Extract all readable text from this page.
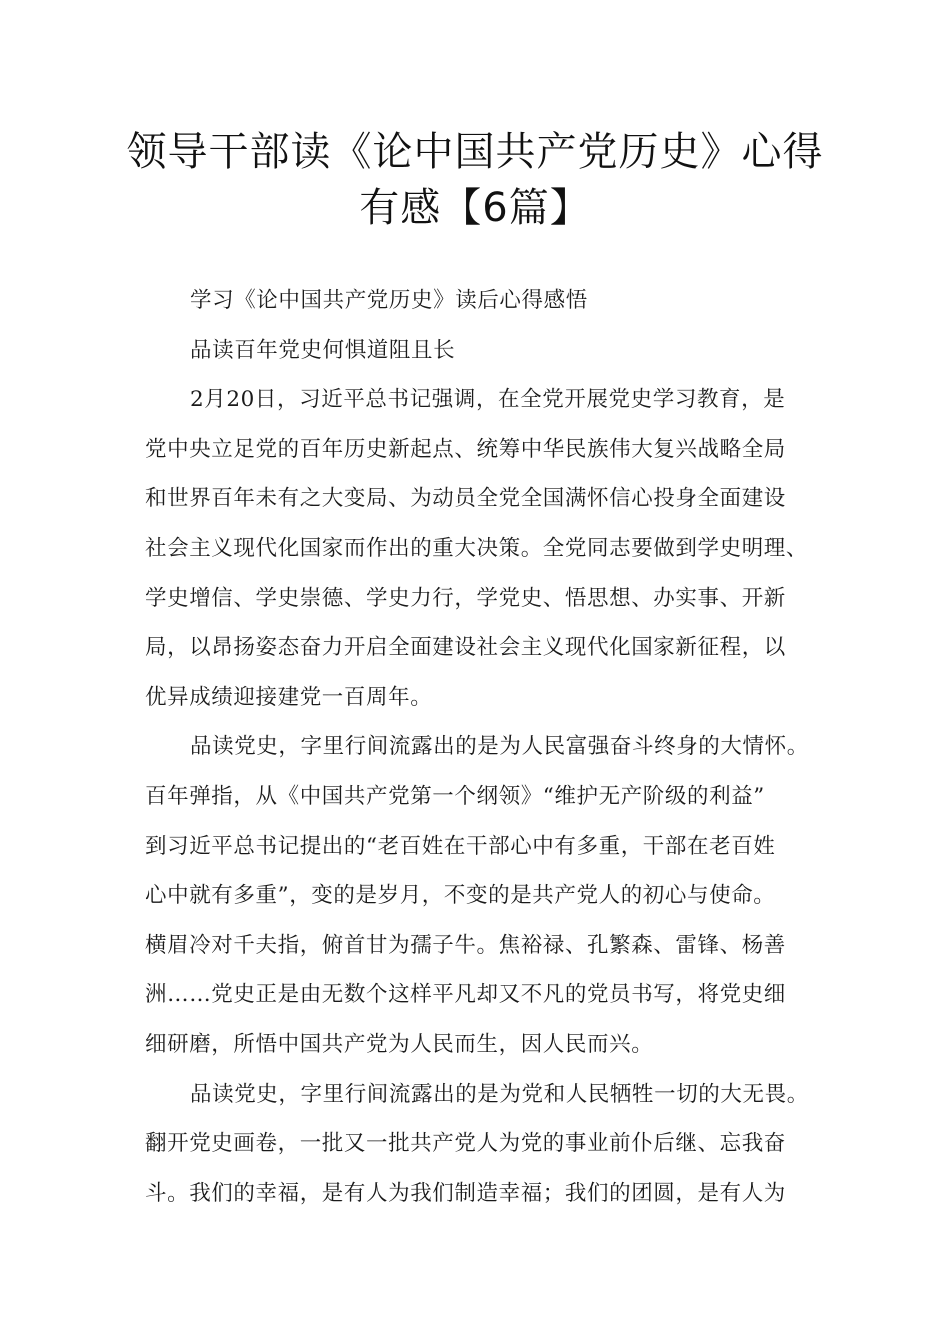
领导干部读《论中国共产党历史》心得
有感【6篇】
学习《论中国共产党历史》读后心得感悟
品读百年党史何惧道阻且长
2月20日，习近平总书记强调，在全党开展党史学习教育，是
党中央立足党的百年历史新起点、统筹中华民族伟大复兴战略全局
和世界百年未有之大变局、为动员全党全国满怀信心投身全面建设
社会主义现代化国家而作出的重大决策。全党同志要做到学史明理、
学史增信、学史崇德、学史力行，学党史、悟思想、办实事、开新
局，以昂扬姿态奋力开启全面建设社会主义现代化国家新征程，以
优异成绩迎接建党一百周年。
品读党史，字里行间流露出的是为人民富强奋斗终身的大情怀。
百年弹指，从《中国共产党第一个纲领》“维护无产阶级的利益”
到习近平总书记提出的“老百姓在干部心中有多重，干部在老百姓
心中就有多重”，变的是岁月，不变的是共产党人的初心与使命。
横眉冷对千夫指，俯首甘为孺子牛。焦裕禄、孔繁森、雷锋、杨善
洲……党史正是由无数个这样平凡却又不凡的党员书写，将党史细
细研磨，所悟中国共产党为人民而生，因人民而兴。
品读党史，字里行间流露出的是为党和人民牺牲一切的大无畏。
翻开党史画卷，一批又一批共产党人为党的事业前仆后继、忘我奋
斗。我们的幸福，是有人为我们制造幸福；我们的团圆，是有人为
